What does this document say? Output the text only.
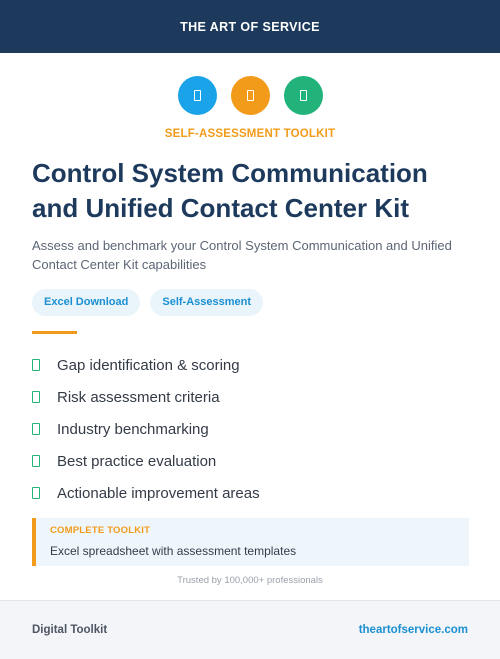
THE ART OF SERVICE
SELF-ASSESSMENT TOOLKIT
Control System Communication and Unified Contact Center Kit

Assess and benchmark your Control System Communication and Unified Contact Center Kit capabilities

Excel Download	Self-Assessment
Gap identification & scoring
Risk assessment criteria
Industry benchmarking
Best practice evaluation
Actionable improvement areas
COMPLETE TOOLKIT
Excel spreadsheet with assessment templates
Trusted by 100,000+ professionals
Digital Toolkit	theartofservice.com
